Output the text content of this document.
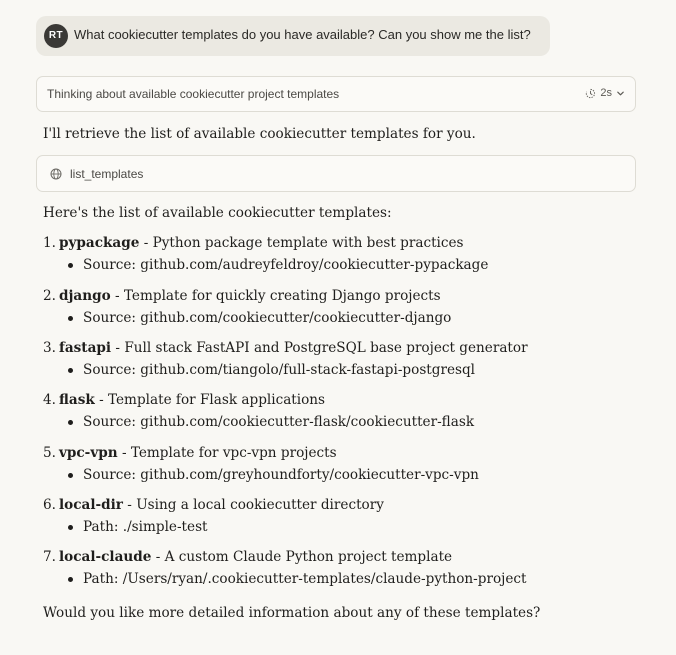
RT What cookiecutter templates do you have available? Can you show me the list?
Thinking about available cookiecutter project templates	2s
I'll retrieve the list of available cookiecutter templates for you.
list_templates
Here's the list of available cookiecutter templates:
1. pypackage - Python package template with best practices
Source: github.com/audreyfeldroy/cookiecutter-pypackage
2. django - Template for quickly creating Django projects
Source: github.com/cookiecutter/cookiecutter-django
3. fastapi - Full stack FastAPI and PostgreSQL base project generator
Source: github.com/tiangolo/full-stack-fastapi-postgresql
4. flask - Template for Flask applications
Source: github.com/cookiecutter-flask/cookiecutter-flask
5. vpc-vpn - Template for vpc-vpn projects
Source: github.com/greyhoundforty/cookiecutter-vpc-vpn
6. local-dir - Using a local cookiecutter directory
Path: ./simple-test
7. local-claude - A custom Claude Python project template
Path: /Users/ryan/.cookiecutter-templates/claude-python-project
Would you like more detailed information about any of these templates?
